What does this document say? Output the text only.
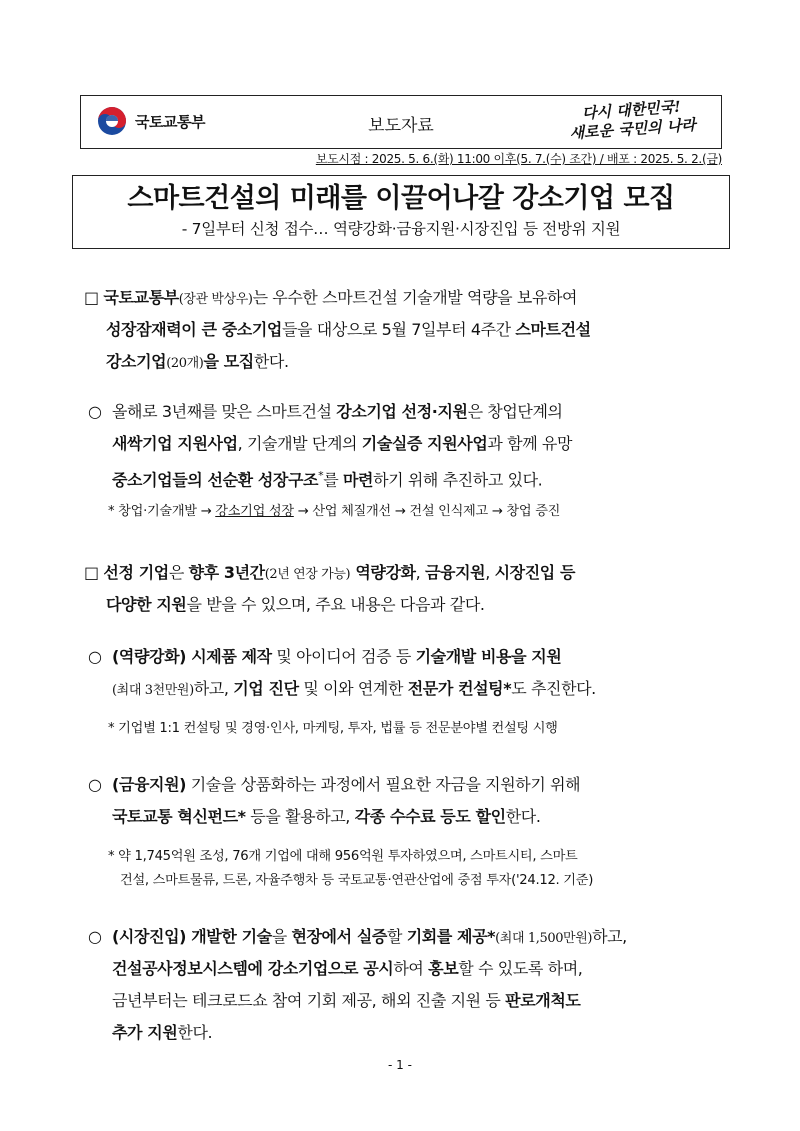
국토교통부	보도자료
다시 대한민국!
새로운 국민의 나라
보도시점 : 2025. 5. 6.(화) 11:00 이후(5. 7.(수) 조간) / 배포 : 2025. 5. 2.(금)
스마트건설의 미래를 이끌어나갈 강소기업 모집
- 7일부터 신청 접수… 역량강화·금융지원·시장진입 등 전방위 지원
□ 국토교통부(장관 박상우)는 우수한 스마트건설 기술개발 역량을 보유하여
성장잠재력이 큰 중소기업들을 대상으로 5월 7일부터 4주간 스마트건설
강소기업(20개)을 모집한다.
○ 올해로 3년째를 맞은 스마트건설 강소기업 선정·지원은 창업단계의
새싹기업 지원사업, 기술개발 단계의 기술실증 지원사업과 함께 유망
중소기업들의 선순환 성장구조*를 마련하기 위해 추진하고 있다.
* 창업·기술개발 → 강소기업 성장 → 산업 체질개선 → 건설 인식제고 → 창업 증진
□ 선정 기업은 향후 3년간(2년 연장 가능) 역량강화, 금융지원, 시장진입 등
다양한 지원을 받을 수 있으며, 주요 내용은 다음과 같다.
○ (역량강화) 시제품 제작 및 아이디어 검증 등 기술개발 비용을 지원
(최대 3천만원)하고, 기업 진단 및 이와 연계한 전문가 컨설팅*도 추진한다.
* 기업별 1:1 컨설팅 및 경영·인사, 마케팅, 투자, 법률 등 전문분야별 컨설팅 시행
○ (금융지원) 기술을 상품화하는 과정에서 필요한 자금을 지원하기 위해
국토교통 혁신펀드* 등을 활용하고, 각종 수수료 등도 할인한다.
* 약 1,745억원 조성, 76개 기업에 대해 956억원 투자하였으며, 스마트시티, 스마트
건설, 스마트물류, 드론, 자율주행차 등 국토교통·연관산업에 중점 투자('24.12. 기준)
○ (시장진입) 개발한 기술을 현장에서 실증할 기회를 제공*(최대 1,500만원)하고,
건설공사정보시스템에 강소기업으로 공시하여 홍보할 수 있도록 하며,
금년부터는 테크로드쇼 참여 기회 제공, 해외 진출 지원 등 판로개척도
추가 지원한다.
- 1 -
